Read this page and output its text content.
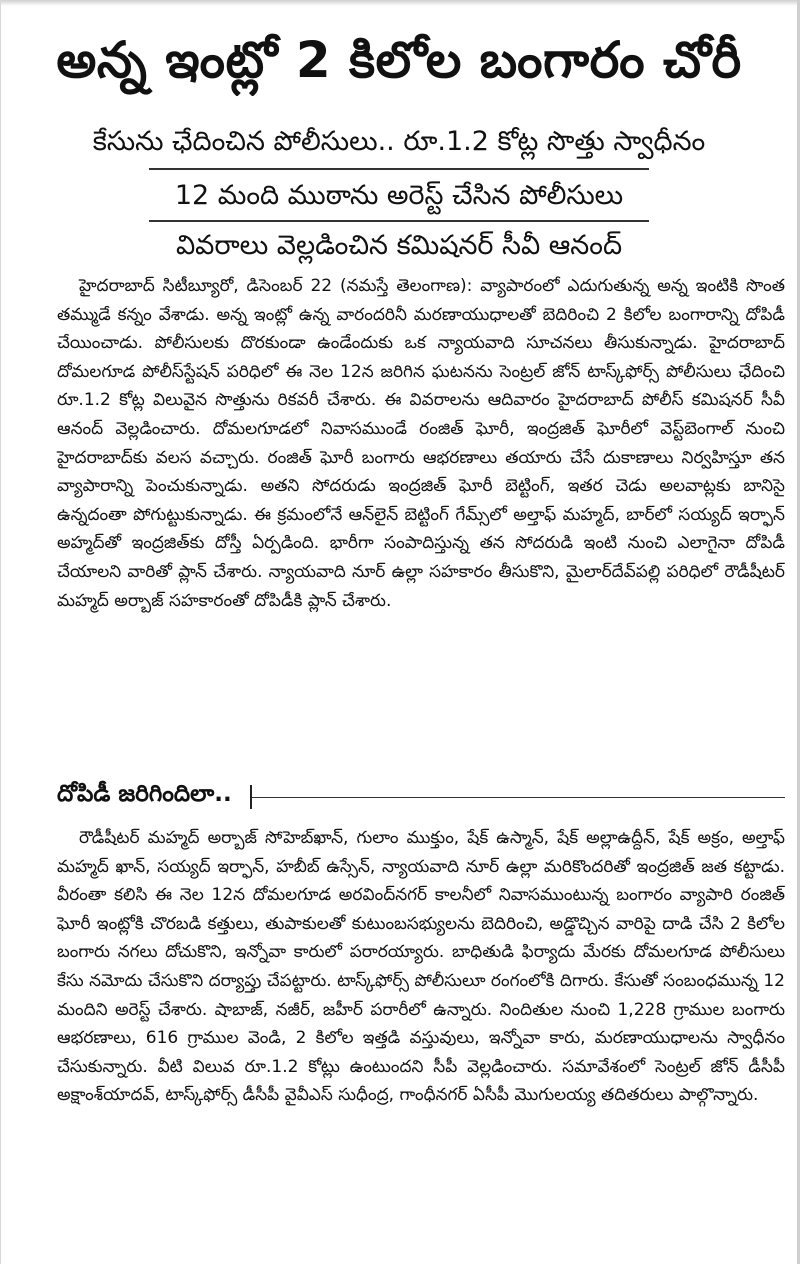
అన్న ఇంట్లో 2 కిలోల బంగారం చోరీ
కేసును ఛేదించిన పోలీసులు.. రూ.1.2 కోట్ల సొత్తు స్వాధీనం
12 మంది ముఠాను అరెస్ట్‌ చేసిన పోలీసులు
వివరాలు వెల్లడించిన కమిషనర్‌ సీవీ ఆనంద్‌

హైదరాబాద్‌ సిటీబ్యూరో, డిసెంబర్‌ 22 (నమస్తే తెలంగాణ): వ్యాపారంలో ఎదుగుతున్న అన్న ఇంటికి సొంత తమ్ముడే కన్నం వేశాడు. అన్న ఇంట్లో ఉన్న వారందరినీ మరణాయుధాలతో బెదిరించి 2 కిలోల బంగారాన్ని దోపిడీ చేయించాడు. పోలీసులకు దొరకుండా ఉండేందుకు ఒక న్యాయవాది సూచనలు తీసుకున్నాడు. హైదరాబాద్‌ దోమలగూడ పోలీస్‌స్టేషన్‌ పరిధిలో ఈ నెల 12న జరిగిన ఘటనను సెంట్రల్‌ జోన్‌ టాస్క్‌ఫోర్స్‌ పోలీసులు ఛేదించి రూ.1.2 కోట్ల విలువైన సొత్తును రికవరీ చేశారు. ఈ వివరాలను ఆదివారం హైదరాబాద్‌ పోలీస్‌ కమిషనర్‌ సీవీ ఆనంద్‌ వెల్లడించారు. దోమలగూడలో నివాసముండే రంజిత్‌ ఘోరీ, ఇంద్రజిత్‌ ఘోరీలో వెస్ట్‌బెంగాల్‌ నుంచి హైదరాబాద్‌కు వలస వచ్చారు. రంజిత్‌ ఘోరీ బంగారు ఆభరణాలు తయారు చేసే దుకాణాలు నిర్వహిస్తూ తన వ్యాపారాన్ని పెంచుకున్నాడు. అతని సోదరుడు ఇంద్రజిత్‌ ఘోరీ బెట్టింగ్‌, ఇతర చెడు అలవాట్లకు బానిసై ఉన్నదంతా పోగుట్టుకున్నాడు. ఈ క్రమంలోనే ఆన్‌లైన్‌ బెట్టింగ్‌ గేమ్స్‌లో అల్తాఫ్‌ మహ్మద్‌, బార్‌లో సయ్యద్‌ ఇర్ఫాన్‌ అహ్మద్‌తో ఇంద్రజిత్‌కు దోస్తీ ఏర్పడింది. భారీగా సంపాదిస్తున్న తన సోదరుడి ఇంటి నుంచి ఎలాగైనా దోపిడీ చేయాలని వారితో ప్లాన్‌ చేశారు. న్యాయవాది నూర్‌ ఉల్లా సహకారం తీసుకొని, మైలార్‌దేవ్‌పల్లి పరిధిలో రౌడీషీటర్‌ మహ్మద్‌ అర్బాజ్‌ సహకారంతో దోపిడీకి ప్లాన్‌ చేశారు.

దోపిడీ జరిగిందిలా..

రౌడీషీటర్‌ మహ్మద్‌ అర్బాజ్‌ సోహెబ్‌ఖాన్‌, గులాం ముక్తుం, షేక్‌ ఉస్మాన్‌, షేక్‌ అల్లాఉద్దీన్‌, షేక్‌ అక్రం, అల్తాఫ్‌ మహ్మద్‌ ఖాన్‌, సయ్యద్‌ ఇర్ఫాన్‌, హబీబ్‌ ఉస్సేన్‌, న్యాయవాది నూర్‌ ఉల్లా మరికొందరితో ఇంద్రజిత్‌ జత కట్టాడు. వీరంతా కలిసి ఈ నెల 12న దోమలగూడ అరవింద్‌నగర్‌ కాలనీలో నివాసముంటున్న బంగారం వ్యాపారి రంజిత్‌ ఘోరీ ఇంట్లోకి చొరబడి కత్తులు, తుపాకులతో కుటుంబసభ్యులను బెదిరించి, అడ్డొచ్చిన వారిపై దాడి చేసి 2 కిలోల బంగారు నగలు దోచుకొని, ఇన్నోవా కారులో పరారయ్యారు. బాధితుడి ఫిర్యాదు మేరకు దోమలగూడ పోలీసులు కేసు నమోదు చేసుకొని దర్యాప్తు చేపట్టారు. టాస్క్‌ఫోర్స్‌ పోలీసులూ రంగంలోకి దిగారు. కేసుతో సంబంధమున్న 12 మందిని అరెస్ట్‌ చేశారు. షాబాజ్‌, నజీర్‌, జహీర్‌ పరారీలో ఉన్నారు. నిందితుల నుంచి 1,228 గ్రాముల బంగారు ఆభరణాలు, 616 గ్రాముల వెండి, 2 కిలోల ఇత్తడి వస్తువులు, ఇన్నోవా కారు, మరణాయుధాలను స్వాధీనం చేసుకున్నారు. వీటి విలువ రూ.1.2 కోట్లు ఉంటుందని సీపీ వెల్లడించారు. సమావేశంలో సెంట్రల్‌ జోన్‌ డీసీపీ అక్షాంశ్‌యాదవ్‌, టాస్క్‌ఫోర్స్‌ డీసీపీ వైవీఎస్‌ సుధీంద్ర, గాంధీనగర్‌ ఏసీపీ మొగులయ్య తదితరులు పాల్గొన్నారు.
